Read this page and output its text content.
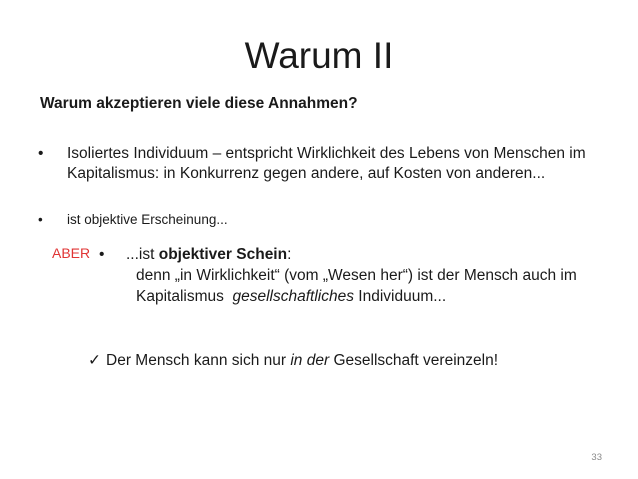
Warum II
Warum akzeptieren viele diese Annahmen?
• Isoliertes Individuum – entspricht Wirklichkeit des Lebens von Menschen im Kapitalismus: in Konkurrenz gegen andere, auf Kosten von anderen...
• ist objektive Erscheinung...
ABER • ...ist objektiver Schein:
denn „in Wirklichkeit“ (vom „Wesen her“) ist der Mensch auch im
Kapitalismus  gesellschaftliches Individuum...
✓ Der Mensch kann sich nur in der Gesellschaft vereinzeln!
33
